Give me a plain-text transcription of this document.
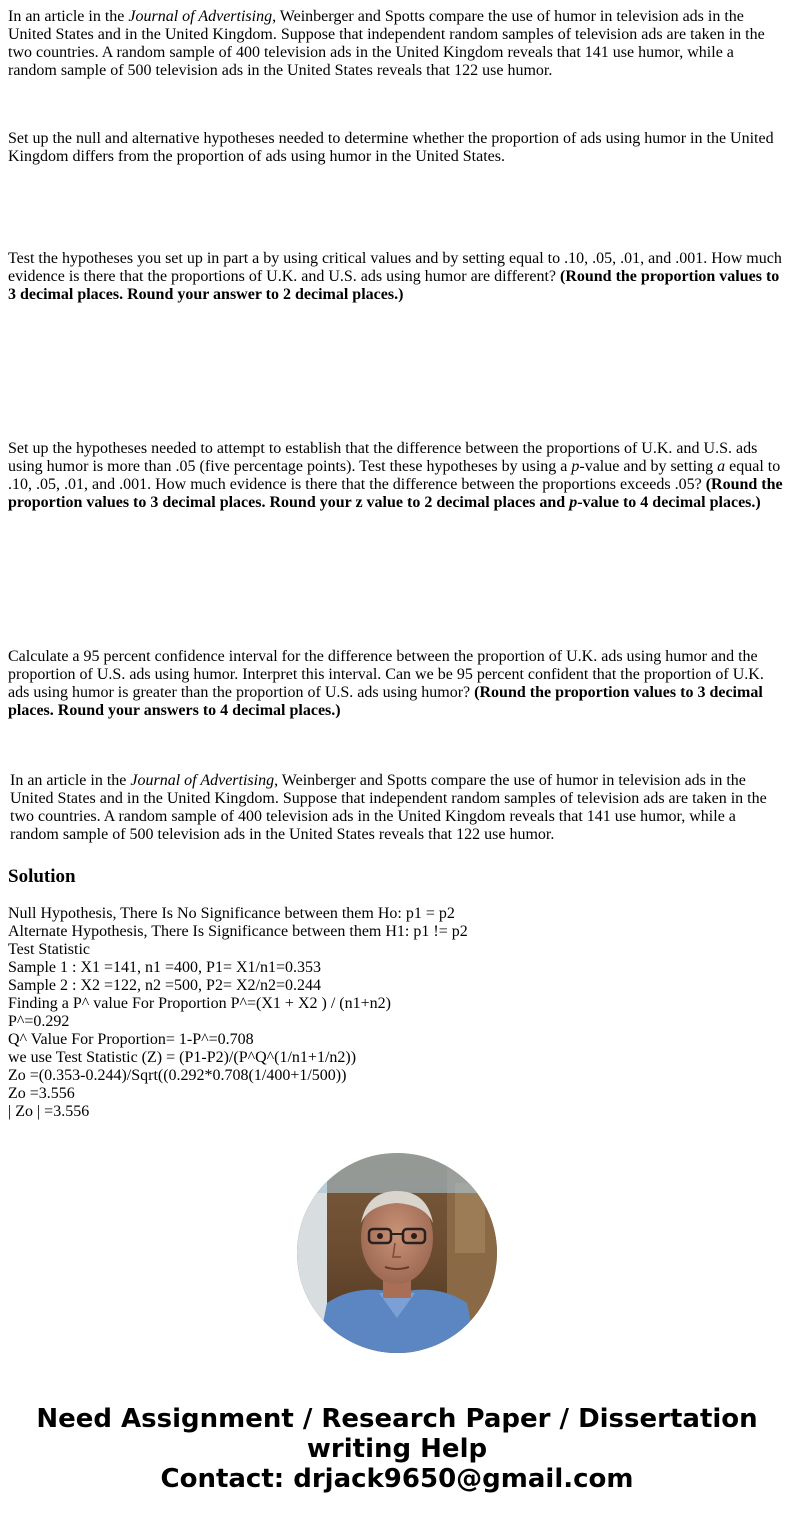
In an article in the Journal of Advertising, Weinberger and Spotts compare the use of humor in television ads in the United States and in the United Kingdom. Suppose that independent random samples of television ads are taken in the two countries. A random sample of 400 television ads in the United Kingdom reveals that 141 use humor, while a random sample of 500 television ads in the United States reveals that 122 use humor.

Set up the null and alternative hypotheses needed to determine whether the proportion of ads using humor in the United Kingdom differs from the proportion of ads using humor in the United States.

Test the hypotheses you set up in part a by using critical values and by setting equal to .10, .05, .01, and .001. How much evidence is there that the proportions of U.K. and U.S. ads using humor are different? (Round the proportion values to 3 decimal places. Round your answer to 2 decimal places.)

Set up the hypotheses needed to attempt to establish that the difference between the proportions of U.K. and U.S. ads using humor is more than .05 (five percentage points). Test these hypotheses by using a p-value and by setting a equal to .10, .05, .01, and .001. How much evidence is there that the difference between the proportions exceeds .05? (Round the proportion values to 3 decimal places. Round your z value to 2 decimal places and p-value to 4 decimal places.)

Calculate a 95 percent confidence interval for the difference between the proportion of U.K. ads using humor and the proportion of U.S. ads using humor. Interpret this interval. Can we be 95 percent confident that the proportion of U.K. ads using humor is greater than the proportion of U.S. ads using humor? (Round the proportion values to 3 decimal places. Round your answers to 4 decimal places.)

In an article in the Journal of Advertising, Weinberger and Spotts compare the use of humor in television ads in the United States and in the United Kingdom. Suppose that independent random samples of television ads are taken in the two countries. A random sample of 400 television ads in the United Kingdom reveals that 141 use humor, while a random sample of 500 television ads in the United States reveals that 122 use humor.

Solution
Null Hypothesis, There Is No Significance between them Ho: p1 = p2
Alternate Hypothesis, There Is Significance between them H1: p1 != p2
Test Statistic
Sample 1 : X1 =141, n1 =400, P1= X1/n1=0.353
Sample 2 : X2 =122, n2 =500, P2= X2/n2=0.244
Finding a P^ value For Proportion P^=(X1 + X2 ) / (n1+n2)
P^=0.292
Q^ Value For Proportion= 1-P^=0.708
we use Test Statistic (Z) = (P1-P2)/(P^Q^(1/n1+1/n2))
Zo =(0.353-0.244)/Sqrt((0.292*0.708(1/400+1/500))
Zo =3.556
| Zo | =3.556
Need Assignment / Research Paper / Dissertation
writing Help
Contact: drjack9650@gmail.com
